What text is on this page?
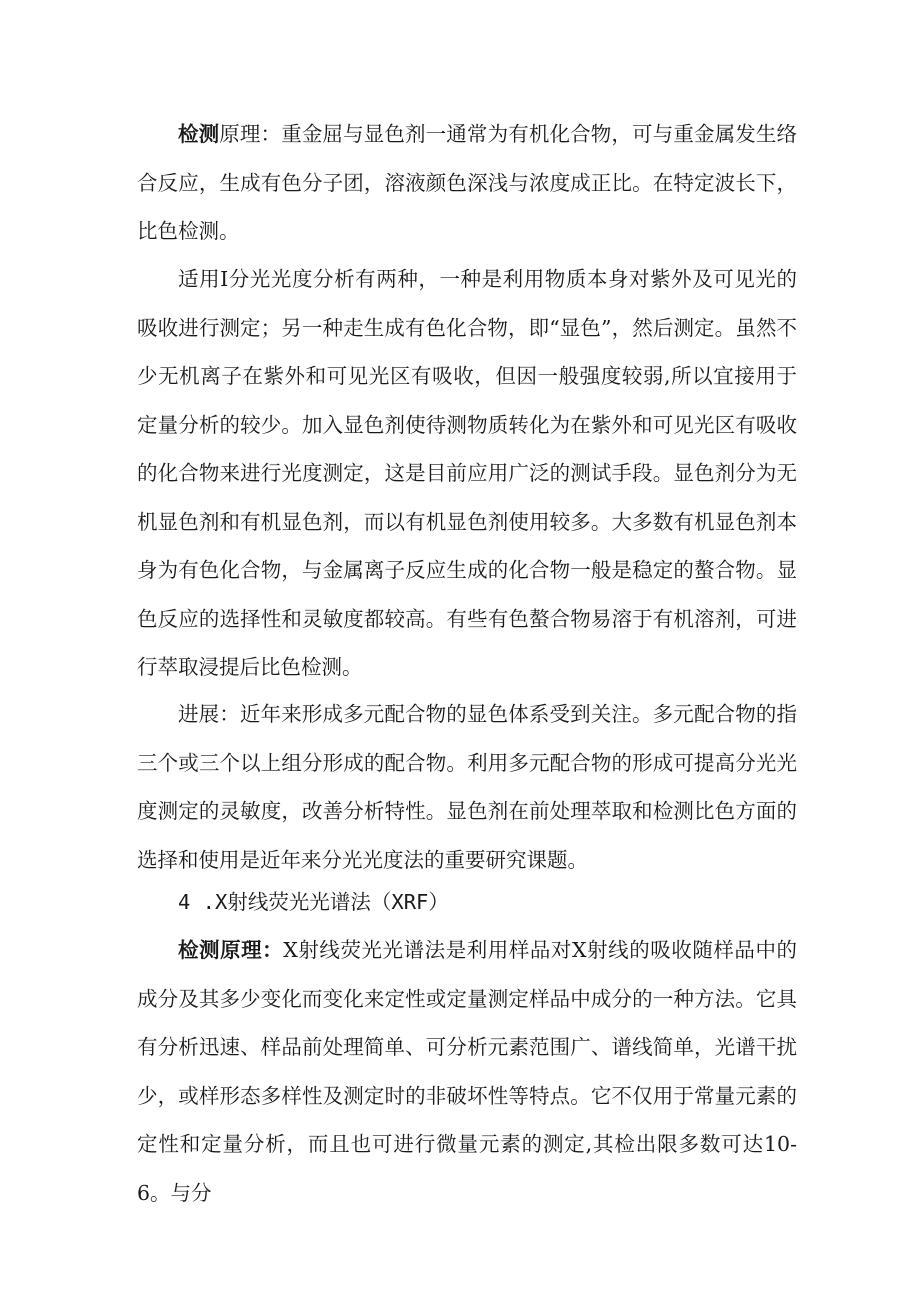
检测原理：重金屈与显色剂一通常为有机化合物，可与重金属发生络合反应，生成有色分子团，溶液颜色深浅与浓度成正比。在特定波长下，比色检测。

适用I分光光度分析有两种，一种是利用物质本身对紫外及可见光的吸收进行测定；另一种走生成有色化合物，即“显色”，然后测定。虽然不少无机离子在紫外和可见光区有吸收，但因一般强度较弱,所以宜接用于定量分析的较少。加入显色剂使待测物质转化为在紫外和可见光区有吸收的化合物来进行光度测定，这是目前应用广泛的测试手段。显色剂分为无机显色剂和有机显色剂，而以有机显色剂使用较多。大多数有机显色剂本身为有色化合物，与金属离子反应生成的化合物一般是稳定的螯合物。显色反应的选择性和灵敏度都较高。有些有色螯合物易溶于有机溶剂，可进行萃取浸提后比色检测。

进展：近年来形成多元配合物的显色体系受到关注。多元配合物的指三个或三个以上组分形成的配合物。利用多元配合物的形成可提高分光光度测定的灵敏度，改善分析特性。显色剂在前处理萃取和检测比色方面的选择和使用是近年来分光光度法的重要研究课题。

4 .X射线荧光光谱法（XRF）

检测原理：X射线荧光光谱法是利用样品对X射线的吸收随样品中的成分及其多少变化而变化来定性或定量测定样品中成分的一种方法。它具有分析迅速、样品前处理简单、可分析元素范围广、谱线简单，光谱干扰少，或样形态多样性及测定时的非破坏性等特点。它不仅用于常量元素的定性和定量分析，而且也可进行微量元素的测定,其检出限多数可达10-6。与分
